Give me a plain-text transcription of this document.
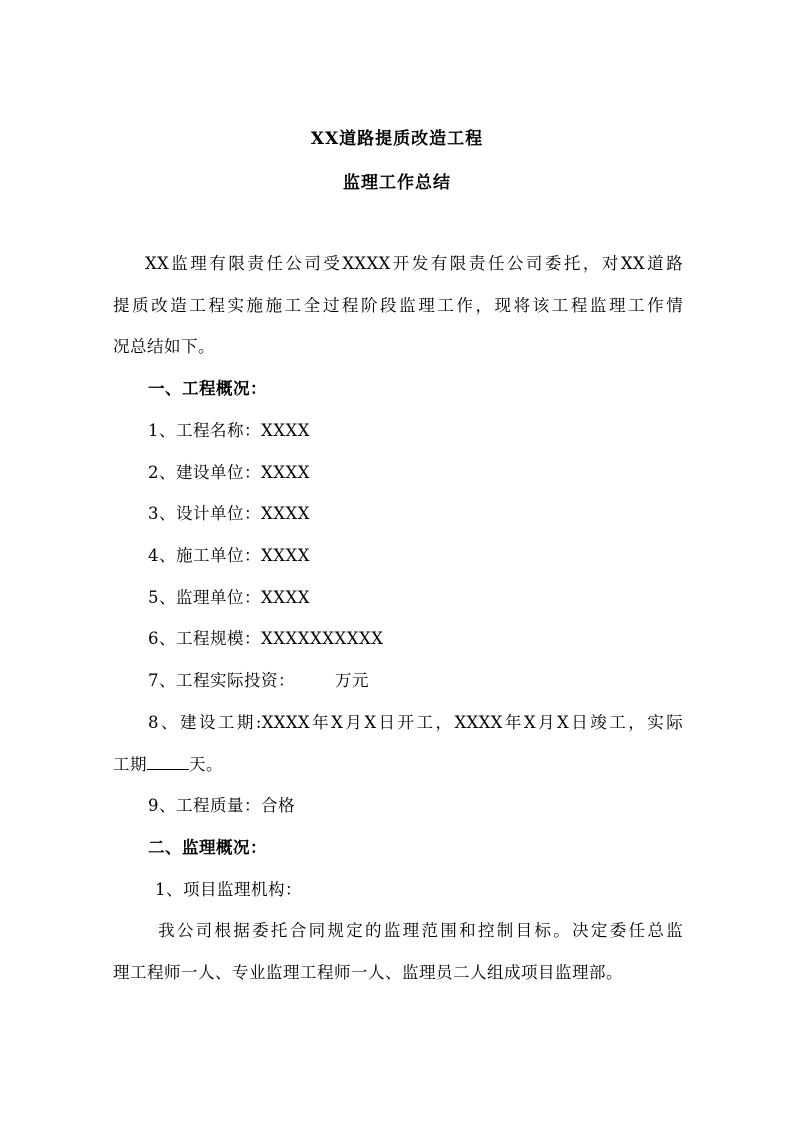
XX道路提质改造工程
监理工作总结
XX监理有限责任公司受XXXX开发有限责任公司委托，对XX道路
提质改造工程实施施工全过程阶段监理工作，现将该工程监理工作情
况总结如下。
一、工程概况：
1、工程名称：XXXX
2、建设单位：XXXX
3、设计单位：XXXX
4、施工单位：XXXX
5、监理单位：XXXX
6、工程规模：XXXXXXXXXX
7、工程实际投资： 万元
8、建设工期:XXXX年X月X日开工，XXXX年X月X日竣工，实际
工期	天。
9、工程质量：合格
二、监理概况：
1、项目监理机构：
我公司根据委托合同规定的监理范围和控制目标。决定委任总监
理工程师一人、专业监理工程师一人、监理员二人组成项目监理部。
